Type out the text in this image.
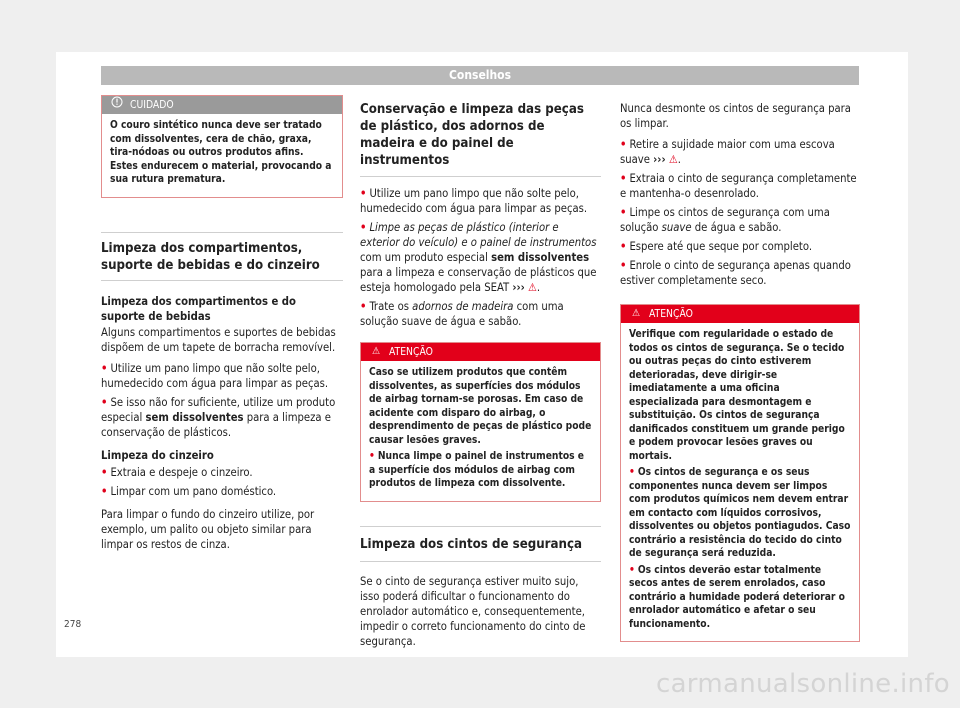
Conselhos
CUIDADO

O couro sintético nunca deve ser tratado com dissolventes, cera de chão, graxa, tira-nódoas ou outros produtos afins. Estes endurecem o material, provocando a sua rutura prematura.

Limpeza dos compartimentos, suporte de bebidas e do cinzeiro

Limpeza dos compartimentos e do suporte de bebidas

Alguns compartimentos e suportes de bebidas dispõem de um tapete de borracha removível.

• Utilize um pano limpo que não solte pelo, humedecido com água para limpar as peças.
• Se isso não for suficiente, utilize um produto especial sem dissolventes para a limpeza e conservação de plásticos.

Limpeza do cinzeiro

• Extraia e despeje o cinzeiro.
• Limpar com um pano doméstico.

Para limpar o fundo do cinzeiro utilize, por exemplo, um palito ou objeto similar para limpar os restos de cinza.

Conservação e limpeza das peças de plástico, dos adornos de madeira e do painel de instrumentos
• Utilize um pano limpo que não solte pelo, humedecido com água para limpar as peças.
• Limpe as peças de plástico (interior e exterior do veículo) e o painel de instrumentos com um produto especial sem dissolventes para a limpeza e conservação de plásticos que esteja homologado pela SEAT ››› ⚠.
• Trate os adornos de madeira com uma solução suave de água e sabão.
⚠ ATENÇÃO

Caso se utilizem produtos que contêm dissolventes, as superfícies dos módulos de airbag tornam-se porosas. Em caso de acidente com disparo do airbag, o desprendimento de peças de plástico pode causar lesões graves.

• Nunca limpe o painel de instrumentos e a superfície dos módulos de airbag com produtos de limpeza com dissolvente.
Limpeza dos cintos de segurança

Se o cinto de segurança estiver muito sujo, isso poderá dificultar o funcionamento do enrolador automático e, consequentemente, impedir o correto funcionamento do cinto de segurança.

Nunca desmonte os cintos de segurança para os limpar.

• Retire a sujidade maior com uma escova suave ››› ⚠.
• Extraia o cinto de segurança completamente e mantenha-o desenrolado.
• Limpe os cintos de segurança com uma solução suave de água e sabão.
• Espere até que seque por completo.
• Enrole o cinto de segurança apenas quando estiver completamente seco.
⚠ ATENÇÃO

Verifique com regularidade o estado de todos os cintos de segurança. Se o tecido ou outras peças do cinto estiverem deterioradas, deve dirigir-se imediatamente a uma oficina especializada para desmontagem e substituição. Os cintos de segurança danificados constituem um grande perigo e podem provocar lesões graves ou mortais.

• Os cintos de segurança e os seus componentes nunca devem ser limpos com produtos químicos nem devem entrar em contacto com líquidos corrosivos, dissolventes ou objetos pontiagudos. Caso contrário a resistência do tecido do cinto de segurança será reduzida.
• Os cintos deverão estar totalmente secos antes de serem enrolados, caso contrário a humidade poderá deteriorar o enrolador automático e afetar o seu funcionamento.
278
carmanualsonline.info
